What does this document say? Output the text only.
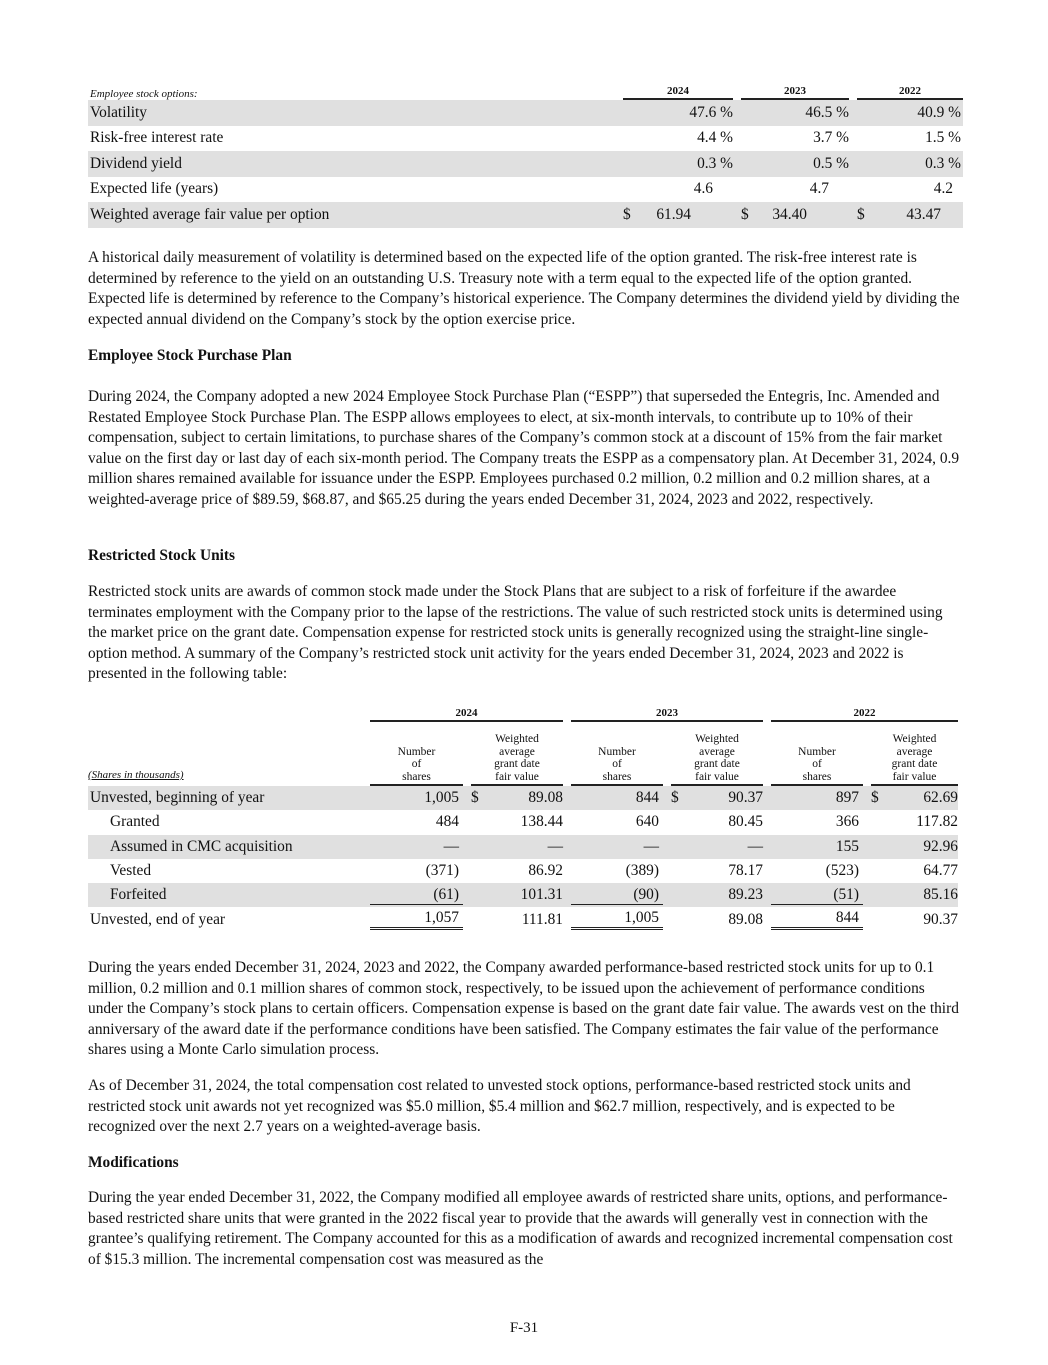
Employee stock options:	2024	2023	2022

Volatility	47.6 %	46.5 %	40.9 %
Risk-free interest rate	4.4 %	3.7 %	1.5 %
Dividend yield	0.3 %	0.5 %	0.3 %
Expected life (years)	4.6	4.7	4.2
Weighted average fair value per option	$ 61.94	$ 34.40	$ 43.47

A historical daily measurement of volatility is determined based on the expected life of the option granted. The risk-free interest rate is determined by reference to the yield on an outstanding U.S. Treasury note with a term equal to the expected life of the option granted. Expected life is determined by reference to the Company’s historical experience. The Company determines the dividend yield by dividing the expected annual dividend on the Company’s stock by the option exercise price.

Employee Stock Purchase Plan

During 2024, the Company adopted a new 2024 Employee Stock Purchase Plan (“ESPP”) that superseded the Entegris, Inc. Amended and Restated Employee Stock Purchase Plan. The ESPP allows employees to elect, at six-month intervals, to contribute up to 10% of their compensation, subject to certain limitations, to purchase shares of the Company’s common stock at a discount of 15% from the fair market value on the first day or last day of each six-month period. The Company treats the ESPP as a compensatory plan. At December 31, 2024, 0.9 million shares remained available for issuance under the ESPP. Employees purchased 0.2 million, 0.2 million and 0.2 million shares, at a weighted-average price of $89.59, $68.87, and $65.25 during the years ended December 31, 2024, 2023 and 2022, respectively.

Restricted Stock Units

Restricted stock units are awards of common stock made under the Stock Plans that are subject to a risk of forfeiture if the awardee terminates employment with the Company prior to the lapse of the restrictions. The value of such restricted stock units is determined using the market price on the grant date. Compensation expense for restricted stock units is generally recognized using the straight-line single-option method. A summary of the Company’s restricted stock unit activity for the years ended December 31, 2024, 2023 and 2022 is presented in the following table:

	2024		2023		2022	

(Shares in thousands)	Number
of
shares	Weighted
average
grant date
fair value	Number
of
shares	Weighted
average
grant date
fair value	Number
of
shares	Weighted
average
grant date
fair value

Unvested, beginning of year	1,005	$ 89.08	844	$ 90.37	897	$ 62.69

Granted	484	138.44	640	80.45	366	117.82

Assumed in CMC acquisition	—	—	—	—	155	92.96

Vested	(371)	86.92	(389)	78.17	(523)	64.77

Forfeited	(61)	101.31	(90)	89.23	(51)	85.16

Unvested, end of year	1,057	111.81	1,005	89.08	844	90.37

During the years ended December 31, 2024, 2023 and 2022, the Company awarded performance-based restricted stock units for up to 0.1 million, 0.2 million and 0.1 million shares of common stock, respectively, to be issued upon the achievement of performance conditions under the Company’s stock plans to certain officers. Compensation expense is based on the grant date fair value. The awards vest on the third anniversary of the award date if the performance conditions have been satisfied. The Company estimates the fair value of the performance shares using a Monte Carlo simulation process.

As of December 31, 2024, the total compensation cost related to unvested stock options, performance-based restricted stock units and restricted stock unit awards not yet recognized was $5.0 million, $5.4 million and $62.7 million, respectively, and is expected to be recognized over the next 2.7 years on a weighted-average basis.

Modifications

During the year ended December 31, 2022, the Company modified all employee awards of restricted share units, options, and performance-based restricted share units that were granted in the 2022 fiscal year to provide that the awards will generally vest in connection with the grantee’s qualifying retirement. The Company accounted for this as a modification of awards and recognized incremental compensation cost of $15.3 million. The incremental compensation cost was measured as the

F-31
